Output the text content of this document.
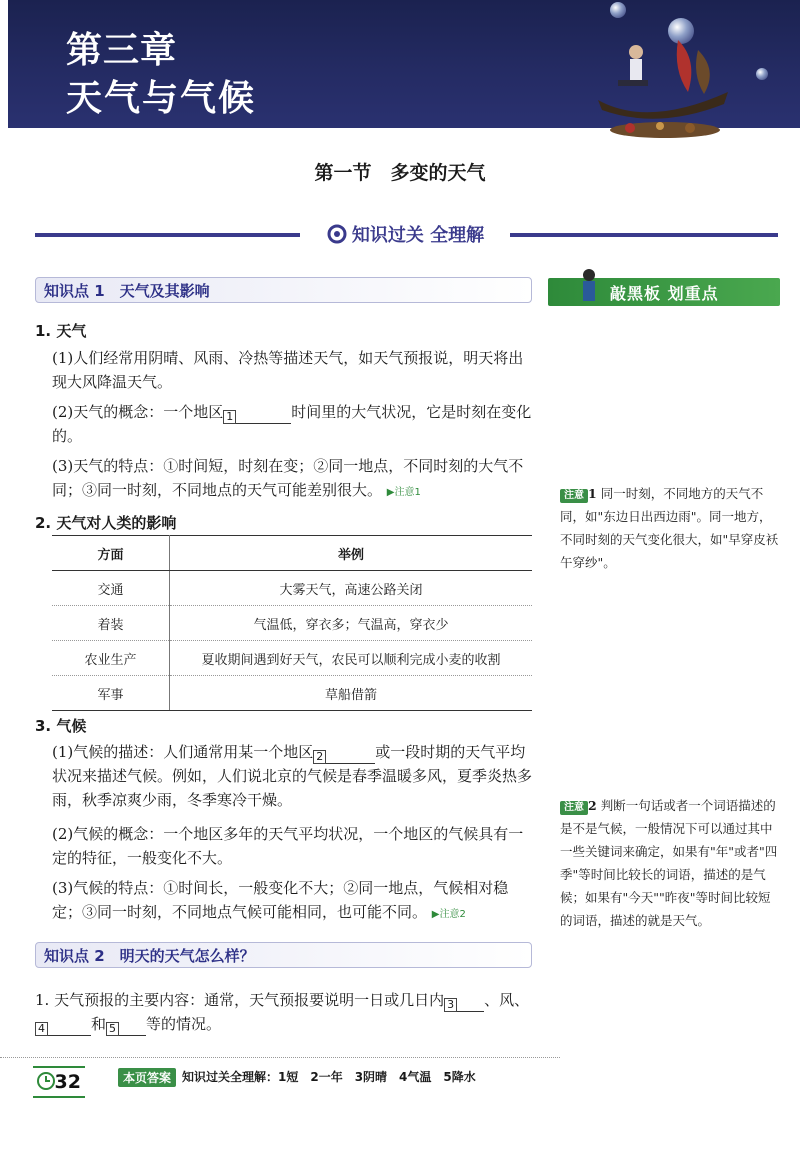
第三章
天气与气候
第一节　多变的天气
知识过关 全理解
知识点 1　天气及其影响	敲黑板 划重点
1. 天气
(1)人们经常用阴晴、风雨、冷热等描述天气，如天气预报说，明天将出现大风降温天气。
(2)天气的概念：一个地区 1	时间里的大气状况，它是时刻在变化的。
(3)天气的特点：①时间短，时刻在变；②同一地点，不同时刻的大气不同；③同一时刻，不同地点的天气可能差别很大。 ▶注意1
2. 天气对人类的影响
方面	举例
交通	大雾天气，高速公路关闭
着装	气温低，穿衣多；气温高，穿衣少
农业生产	夏收期间遇到好天气，农民可以顺利完成小麦的收割
军事	草船借箭
3. 气候
(1)气候的描述：人们通常用某一个地区 2	或一段时期的天气平均状况来描述气候。例如，人们说北京的气候是春季温暖多风，夏季炎热多雨，秋季凉爽少雨，冬季寒冷干燥。
(2)气候的概念：一个地区多年的天气平均状况，一个地区的气候具有一定的特征，一般变化不大。
(3)气候的特点：①时间长，一般变化不大；②同一地点，气候相对稳定；③同一时刻，不同地点气候可能相同，也可能不同。 ▶注意2
知识点 2　明天的天气怎么样？
1. 天气预报的主要内容：通常，天气预报要说明一日或几日内 3 、风、4	和 5 等的情况。
注意 1 同一时刻，不同地方的天气不同，如"东边日出西边雨"。同一地方，不同时刻的天气变化很大，如"早穿皮袄午穿纱"。
注意 2 判断一句话或者一个词语描述的是不是气候，一般情况下可以通过其中一些关键词来确定，如果有"年"或者"四季"等时间比较长的词语，描述的是气候；如果有"今天""昨夜"等时间比较短的词语，描述的就是天气。
32	本页答案 知识过关全理解：1短　2一年　3阴晴　4气温　5降水
